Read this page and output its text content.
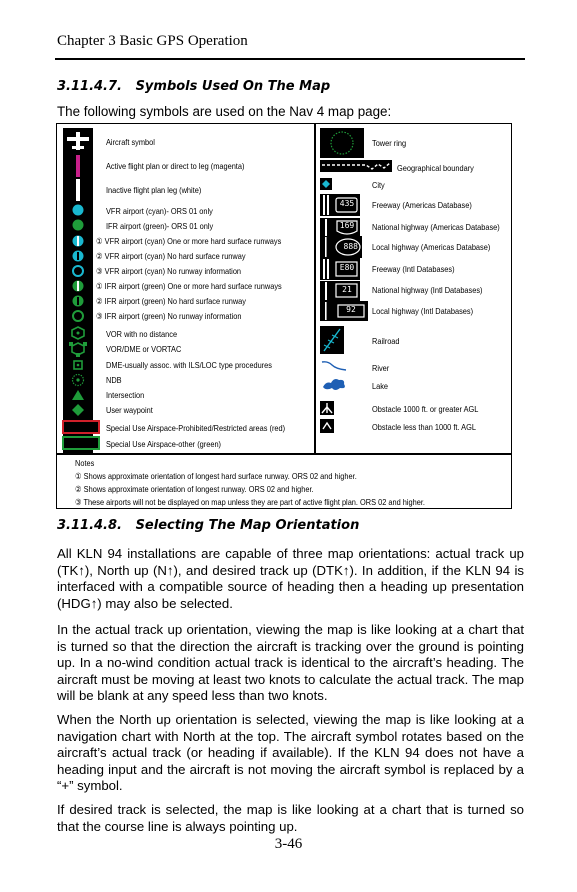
Chapter 3 Basic GPS Operation
3.11.4.7. Symbols Used On The Map
The following symbols are used on the Nav 4 map page:
Aircraft symbol
Active flight plan or direct to leg (magenta)
Inactive flight plan leg (white)
VFR airport (cyan)- ORS 01 only
IFR airport (green)- ORS 01 only
① VFR airport (cyan) One or more hard surface runways
② VFR airport (cyan) No hard surface runway
③ VFR airport (cyan) No runway information
① IFR airport (green) One or more hard surface runways
② IFR airport (green) No hard surface runway
③ IFR airport (green) No runway information
VOR with no distance
VOR/DME or VORTAC
DME-usually assoc. with ILS/LOC type procedures
NDB
Intersection
User waypoint
Special Use Airspace-Prohibited/Restricted areas (red)
Special Use Airspace-other (green)
435
169
888
E80
21
92
Tower ring
Geographical boundary
City
Freeway (Americas Database)
National highway (Americas Database)
Local highway (Americas Database)
Freeway (Intl Databases)
National highway (Intl Databases)
Local highway (Intl Databases)
Railroad
River
Lake
Obstacle 1000 ft. or greater AGL
Obstacle less than 1000 ft. AGL
Notes
① Shows approximate orientation of longest hard surface runway. ORS 02 and higher.
② Shows approximate orientation of longest runway. ORS 02 and higher.
③ These airports will not be displayed on map unless they are part of active flight plan. ORS 02 and higher.
3.11.4.8. Selecting The Map Orientation
All KLN 94 installations are capable of three map orientations: actual track up (TK↑), North up (N↑), and desired track up (DTK↑). In addition, if the KLN 94 is interfaced with a compatible source of heading then a heading up presentation (HDG↑) may also be selected.
In the actual track up orientation, viewing the map is like looking at a chart that is turned so that the direction the aircraft is tracking over the ground is pointing up. In a no-wind condition actual track is identical to the aircraft’s heading. The aircraft must be moving at least two knots to calculate the actual track. The map will be blank at any speed less than two knots.
When the North up orientation is selected, viewing the map is like looking at a navigation chart with North at the top. The aircraft symbol rotates based on the aircraft’s actual track (or heading if available). If the KLN 94 does not have a heading input and the aircraft is not moving the aircraft symbol is replaced by a “+” symbol.
If desired track is selected, the map is like looking at a chart that is turned so that the course line is always pointing up.
3-46
